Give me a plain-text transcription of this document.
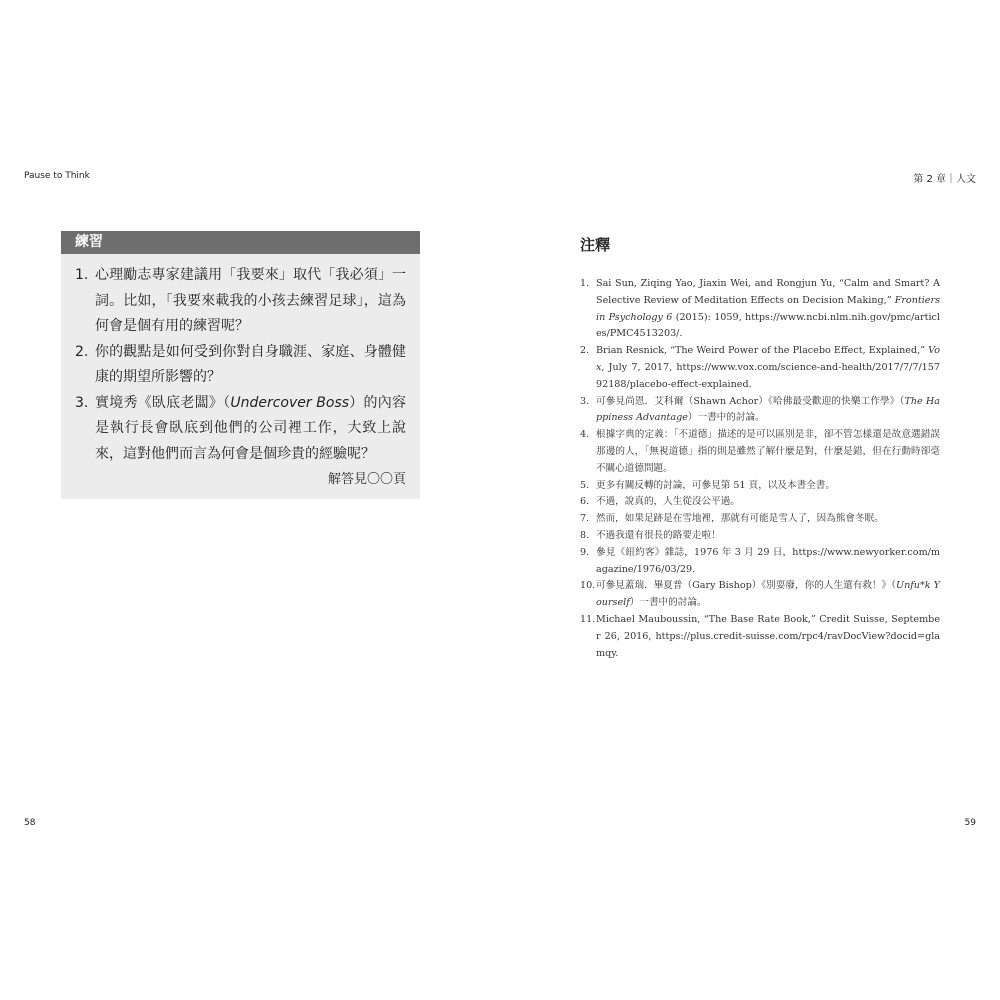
Pause to Think	第 2 章｜人文
練習
1. 心理勵志專家建議用「我要來」取代「我必須」一詞。比如，「我要來載我的小孩去練習足球」，這為何會是個有用的練習呢？
2. 你的觀點是如何受到你對自身職涯、家庭、身體健康的期望所影響的？
3. 實境秀《臥底老闆》（Undercover Boss）的內容是執行長會臥底到他們的公司裡工作，大致上說來，這對他們而言為何會是個珍貴的經驗呢？
解答見〇〇頁
注釋
1. Sai Sun, Ziqing Yao, Jiaxin Wei, and Rongjun Yu, “Calm and Smart? A Selective Review of Meditation Effects on Decision Making,” Frontiers in Psychology 6 (2015): 1059, https://www.ncbi.nlm.nih.gov/pmc/articles/PMC4513203/.
2. Brian Resnick, “The Weird Power of the Placebo Effect, Explained,” Vox, July 7, 2017, https://www.vox.com/science-and-health/2017/7/7/15792188/placebo-effect-explained.
3. 可參見尚恩．艾科爾（Shawn Achor）《哈佛最受歡迎的快樂工作學》（The Happiness Advantage）一書中的討論。
4. 根據字典的定義：「不道德」描述的是可以區別是非，卻不管怎樣還是故意選錯誤那邊的人，「無視道德」指的則是雖然了解什麼是對，什麼是錯，但在行動時卻毫不關心道德問題。
5. 更多有關反轉的討論，可參見第 51 頁，以及本書全書。
6. 不過，說真的，人生從沒公平過。
7. 然而，如果足跡是在雪地裡，那就有可能是雪人了，因為熊會冬眠。
8. 不過我還有很長的路要走啦！
9. 參見《紐約客》雜誌，1976 年 3 月 29 日，https://www.newyorker.com/magazine/1976/03/29.
10. 可參見蓋瑞．畢夏普（Gary Bishop）《別耍廢，你的人生還有救！》（Unfu*k Yourself）一書中的討論。
11. Michael Mauboussin, “The Base Rate Book,” Credit Suisse, September 26, 2016, https://plus.credit-suisse.com/rpc4/ravDocView?docid=glamqy.
58	59
